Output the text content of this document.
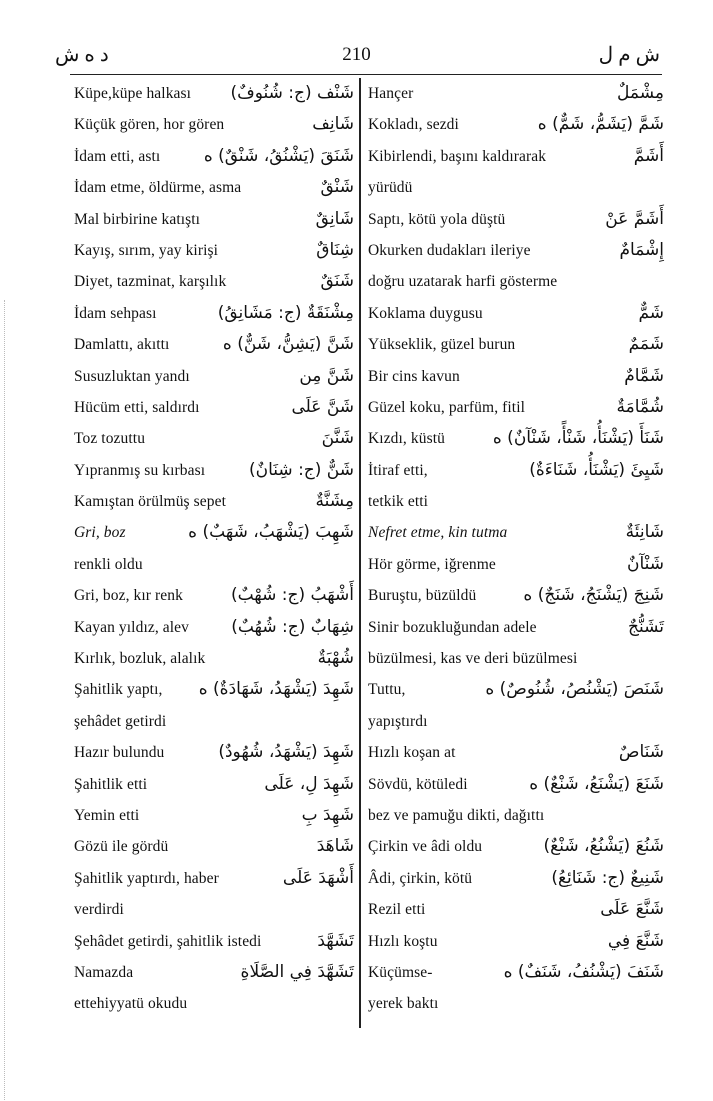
د ه ش	210	ش م ل
Küpe,küpe halkası شَنْف (ج: شُنُوفٌ)
Küçük gören, hor gören	شَانِف
İdam etti, astı	شَنَقَ (يَشْنُقُ، شَنْقٌ) ه
İdam etme, öldürme, asma	شَنْقٌ
Mal birbirine katıştı	شَانِقٌ
Kayış, sırım, yay kirişi	شِنَاقٌ
Diyet, tazminat, karşılık	شَنَقٌ
İdam sehpası	مِشْنَقَةٌ (ج: مَشَانِقُ)
Damlattı, akıttı	شَنَّ (يَشِنُّ، شَنٌّ) ه
Susuzluktan yandı	شَنَّ مِن
Hücüm etti, saldırdı	شَنَّ عَلَى
Toz tozuttu	شَنَّنَ
Yıpranmış su kırbası	شَنٌّ (ج: شِنَانٌ)
Kamıştan örülmüş sepet	مِشَنَّةٌ
Gri, boz	شَهِبَ (يَشْهَبُ، شَهَبٌ) ه
renkli oldu
Gri, boz, kır renk	أَشْهَبُ (ج: شُهْبٌ)
Kayan yıldız, alev شِهَابٌ (ج: شُهُبٌ)
Kırlık, bozluk, alalık	شُهْبَةٌ
Şahitlik yaptı, شَهِدَ (يَشْهَدُ، شَهَادَةٌ) ه
şehâdet getirdi
Hazır bulundu	شَهِدَ (يَشْهَدُ، شُهُودٌ)
Şahitlik etti	شَهِدَ لِ، عَلَى
Yemin etti	شَهِدَ بِ
Gözü ile gördü	شَاهَدَ
Şahitlik yaptırdı, haber	أَشْهَدَ عَلَى
verdirdi
Şehâdet getirdi, şahitlik istedi	تَشَهَّدَ
Namazda	تَشَهَّدَ فِي الصَّلَاةِ
ettehiyyatü okudu
Hançer	مِشْمَلٌ
Kokladı, sezdi	شَمَّ (يَشَمُّ، شَمٌّ) ه
Kibirlendi, başını kaldırarak	أَشَمَّ
yürüdü
Saptı, kötü yola düştü	أَشَمَّ عَنْ
Okurken dudakları ileriye	إِشْمَامٌ
doğru uzatarak harfi gösterme
Koklama duygusu	شَمٌّ
Yükseklik, güzel burun	شَمَمٌ
Bir cins kavun	شَمَّامٌ
Güzel koku, parfüm, fitil	شُمَّامَةٌ
Kızdı, küstü	شَنَأَ (يَشْنَأُ، شَنْأً، شَنْآنٌ) ه
İtiraf etti,	شَيِئَ (يَشْنَأُ، شَنَاءَةٌ)
tetkik etti
Nefret etme, kin tutma	شَانِئَةٌ
Hör görme, iğrenme	شَنْآنٌ
Buruştu, büzüldü	شَنِجَ (يَشْنَجُ، شَنَجٌ) ه
Sinir bozukluğundan adele	تَشَنُّجٌ
büzülmesi, kas ve deri büzülmesi
Tuttu,	شَنَصَ (يَشْنُصُ، شُنُوصٌ) ه
yapıştırdı
Hızlı koşan at	شَنَاصٌ
Sövdü, kötüledi	شَنَعَ (يَشْنَعُ، شَنْعٌ) ه
bez ve pamuğu dikti, dağıttı
Çirkin ve âdi oldu	شَنُعَ (يَشْنُعُ، شَنْعٌ)
Âdi, çirkin, kötü	شَنِيعٌ (ج: شَنَائِعُ)
Rezil etti	شَنَّعَ عَلَى
Hızlı koştu	شَنَّعَ فِي
Küçümse-	شَنَفَ (يَشْنُفُ، شَنَفٌ) ه
yerek baktı
